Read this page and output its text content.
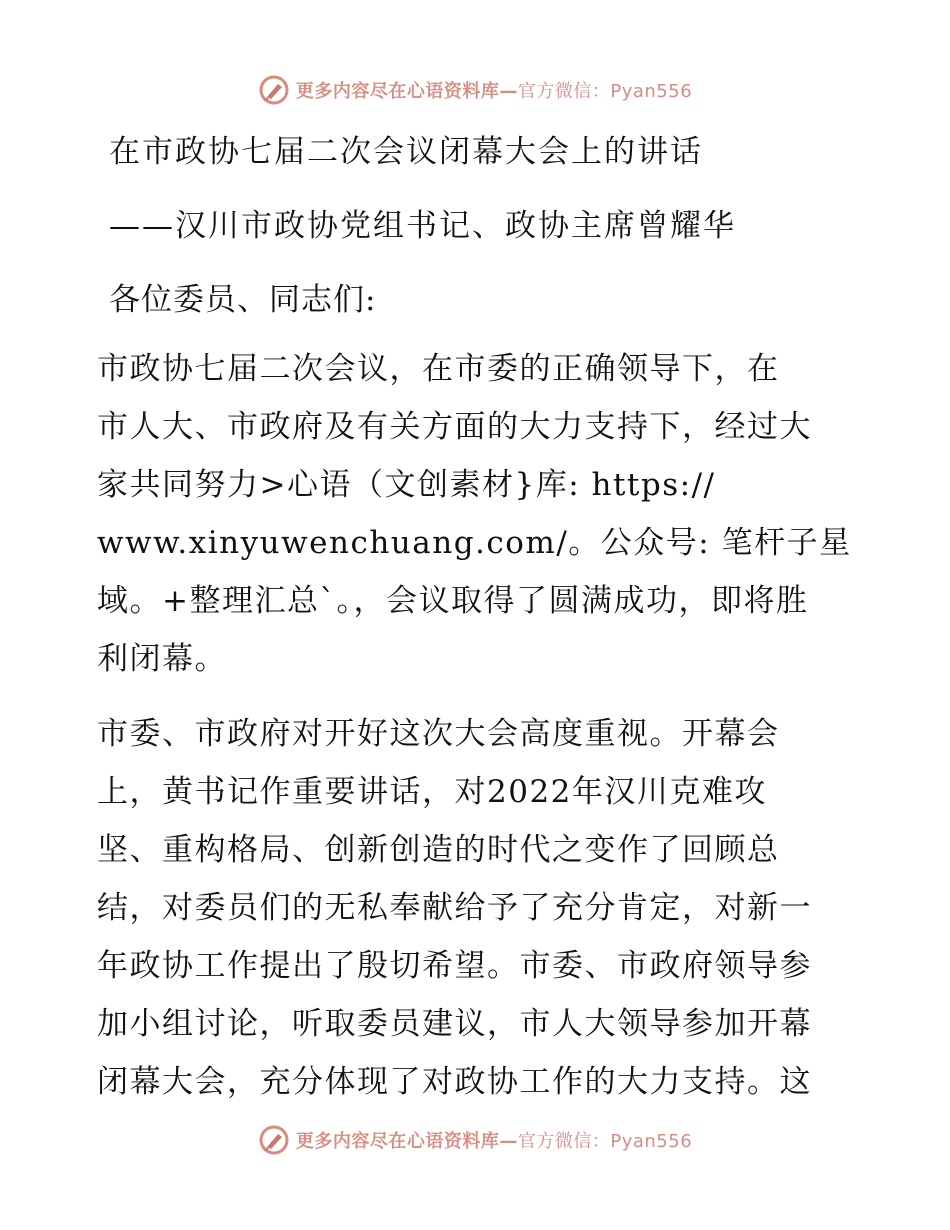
更多内容尽在心语资料库—官方微信：Pyan556
在市政协七届二次会议闭幕大会上的讲话
——汉川市政协党组书记、政协主席曾耀华
各位委员、同志们:
市政协七届二次会议，在市委的正确领导下，在
市人大、市政府及有关方面的大力支持下，经过大
家共同努力>心语（文创素材}库: https://
www.xinyuwenchuang.com/。公众号: 笔杆子星
域。+整理汇总`。，会议取得了圆满成功，即将胜
利闭幕。
市委、市政府对开好这次大会高度重视。开幕会
上，黄书记作重要讲话，对2022年汉川克难攻
坚、重构格局、创新创造的时代之变作了回顾总
结，对委员们的无私奉献给予了充分肯定，对新一
年政协工作提出了殷切希望。市委、市政府领导参
加小组讨论，听取委员建议，市人大领导参加开幕
闭幕大会，充分体现了对政协工作的大力支持。这
更多内容尽在心语资料库—官方微信：Pyan556
